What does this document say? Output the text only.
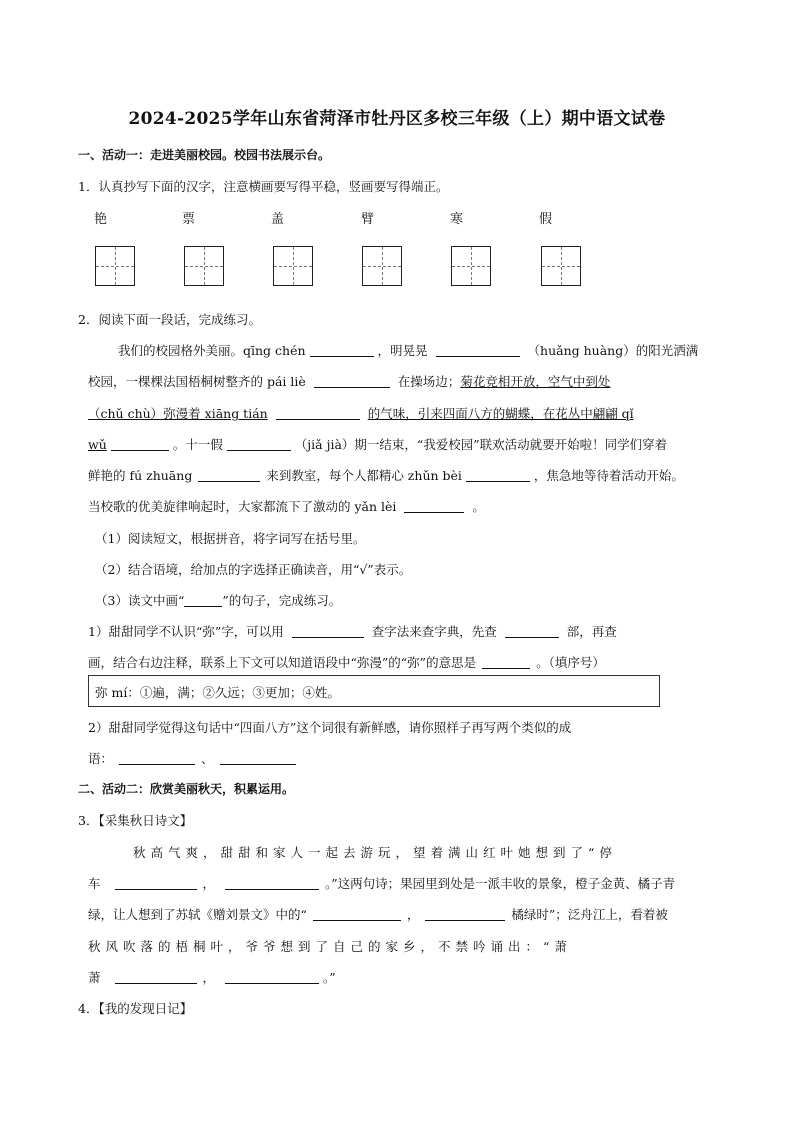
2024-2025学年山东省菏泽市牡丹区多校三年级（上）期中语文试卷
一、活动一：走进美丽校园。校园书法展示台。
1．认真抄写下面的汉字，注意横画要写得平稳，竖画要写得端正。
艳	票	盖	臂	寒	假
2．阅读下面一段话，完成练习。
我们的校园格外美丽。qīng chén	，明晃晃	（huǎng huàng）的阳光洒满
校园，一棵棵法国梧桐树整齐的 pái liè	在操场边；菊花竞相开放，空气中到处
（chǔ chù）弥漫着 xiāng tián	的气味，引来四面八方的蝴蝶，在花丛中翩翩 qǐ
wǔ	。十一假	（jiǎ jià）期一结束，“我爱校园”联欢活动就要开始啦！同学们穿着
鲜艳的 fú zhuāng	来到教室，每个人都精心 zhǔn bèi	，焦急地等待着活动开始。
当校歌的优美旋律响起时，大家都流下了激动的 yǎn lèi	。
（1）阅读短文，根据拼音，将字词写在括号里。
（2）结合语境，给加点的字选择正确读音，用“√”表示。
（3）读文中画“	”的句子，完成练习。
1）甜甜同学不认识“弥”字，可以用	查字法来查字典，先查	部，再查
画，结合右边注释，联系上下文可以知道语段中“弥漫”的“弥”的意思是	。（填序号）
弥 mí：①遍，满；②久远；③更加；④姓。
2）甜甜同学觉得这句话中“四面八方”这个词很有新鲜感，请你照样子再写两个类似的成
语：	、
二、活动二：欣赏美丽秋天，积累运用。
3．【采集秋日诗文】
秋高气爽，甜甜和家人一起去游玩，望着满山红叶她想到了“停
车	，	。”这两句诗；果园里到处是一派丰收的景象，橙子金黄、橘子青
绿，让人想到了苏轼《赠刘景文》中的“	，	橘绿时”；泛舟江上，看着被
秋风吹落的梧桐叶，爷爷想到了自己的家乡，不禁吟诵出：“萧
萧	，	。”
4．【我的发现日记】
